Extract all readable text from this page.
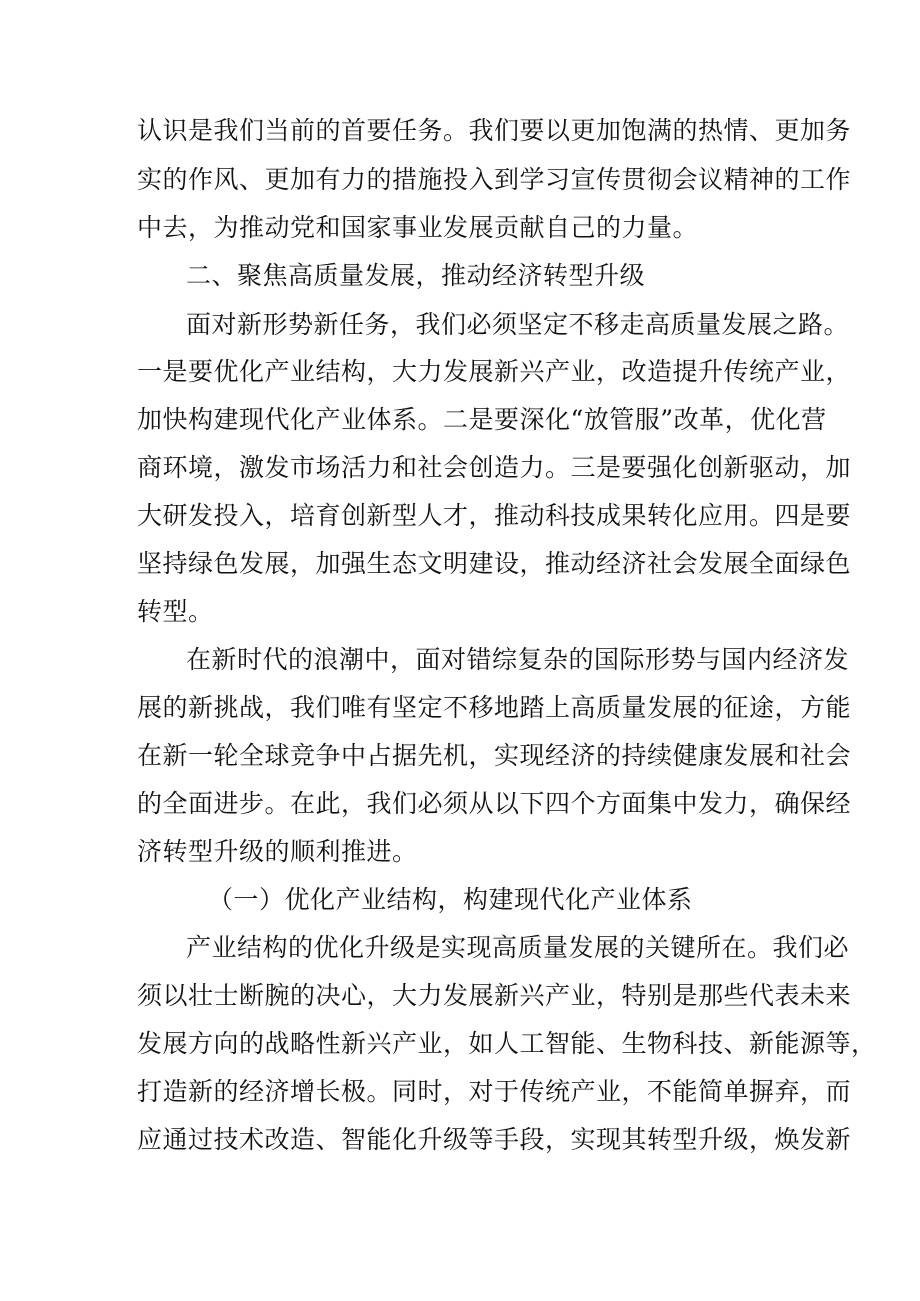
认识是我们当前的首要任务。我们要以更加饱满的热情、更加务
实的作风、更加有力的措施投入到学习宣传贯彻会议精神的工作
中去，为推动党和国家事业发展贡献自己的力量。
二、聚焦高质量发展，推动经济转型升级
面对新形势新任务，我们必须坚定不移走高质量发展之路。
一是要优化产业结构，大力发展新兴产业，改造提升传统产业，
加快构建现代化产业体系。二是要深化“放管服”改革，优化营
商环境，激发市场活力和社会创造力。三是要强化创新驱动，加
大研发投入，培育创新型人才，推动科技成果转化应用。四是要
坚持绿色发展，加强生态文明建设，推动经济社会发展全面绿色
转型。
在新时代的浪潮中，面对错综复杂的国际形势与国内经济发
展的新挑战，我们唯有坚定不移地踏上高质量发展的征途，方能
在新一轮全球竞争中占据先机，实现经济的持续健康发展和社会
的全面进步。在此，我们必须从以下四个方面集中发力，确保经
济转型升级的顺利推进。
（一）优化产业结构，构建现代化产业体系
产业结构的优化升级是实现高质量发展的关键所在。我们必
须以壮士断腕的决心，大力发展新兴产业，特别是那些代表未来
发展方向的战略性新兴产业，如人工智能、生物科技、新能源等，
打造新的经济增长极。同时，对于传统产业，不能简单摒弃，而
应通过技术改造、智能化升级等手段，实现其转型升级，焕发新
